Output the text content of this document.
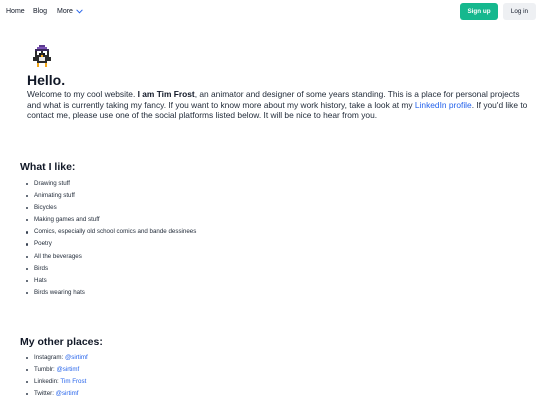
Home Blog More	Sign up	Log in
Hello.

Welcome to my cool website. I am Tim Frost, an animator and designer of some years standing. This is a place for personal projects and what is currently taking my fancy. If you want to know more about my work history, take a look at my LinkedIn profile. If you'd like to contact me, please use one of the social platforms listed below. It will be nice to hear from you.

What I like:
Drawing stuff
Animating stuff
Bicycles
Making games and stuff
Comics, especially old school comics and bande dessinees
Poetry
All the beverages
Birds
Hats
Birds wearing hats
My other places:
Instagram: @sirtimf
Tumblr: @sirtimf
Linkedin: Tim Frost
Twitter: @sirtimf
